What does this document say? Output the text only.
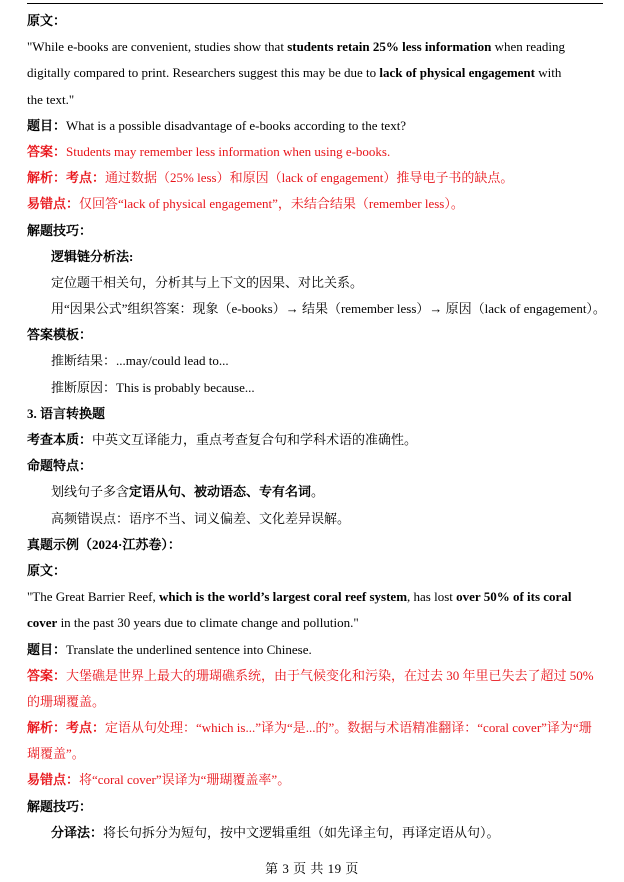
原文：
"While e-books are convenient, studies show that students retain 25% less information when reading
digitally compared to print. Researchers suggest this may be due to lack of physical engagement with
the text."
题目：What is a possible disadvantage of e-books according to the text?
答案：Students may remember less information when using e-books.
解析：考点：通过数据（25% less）和原因（lack of engagement）推导电子书的缺点。
易错点：仅回答“lack of physical engagement”，未结合结果（remember less）。
解题技巧：
逻辑链分析法:
定位题干相关句，分析其与上下文的因果、对比关系。
用“因果公式”组织答案：现象（e-books）→ 结果（remember less）→ 原因（lack of engagement）。
答案模板：
推断结果：...may/could lead to...
推断原因：This is probably because...
3. 语言转换题
考查本质：中英文互译能力，重点考查复合句和学科术语的准确性。
命题特点：
划线句子多含定语从句、被动语态、专有名词。
高频错误点：语序不当、词义偏差、文化差异误解。
真题示例（2024·江苏卷）：
原文：
"The Great Barrier Reef, which is the world’s largest coral reef system, has lost over 50% of its coral
cover in the past 30 years due to climate change and pollution."
题目：Translate the underlined sentence into Chinese.
答案：大堡礁是世界上最大的珊瑚礁系统，由于气候变化和污染，在过去 30 年里已失去了超过 50%
的珊瑚覆盖。
解析：考点：定语从句处理：“which is...”译为“是...的”。数据与术语精准翻译：“coral cover”译为“珊
瑚覆盖”。
易错点：将“coral cover”误译为“珊瑚覆盖率”。
解题技巧：
分译法：将长句拆分为短句，按中文逻辑重组（如先译主句，再译定语从句）。
第 3 页 共 19 页
